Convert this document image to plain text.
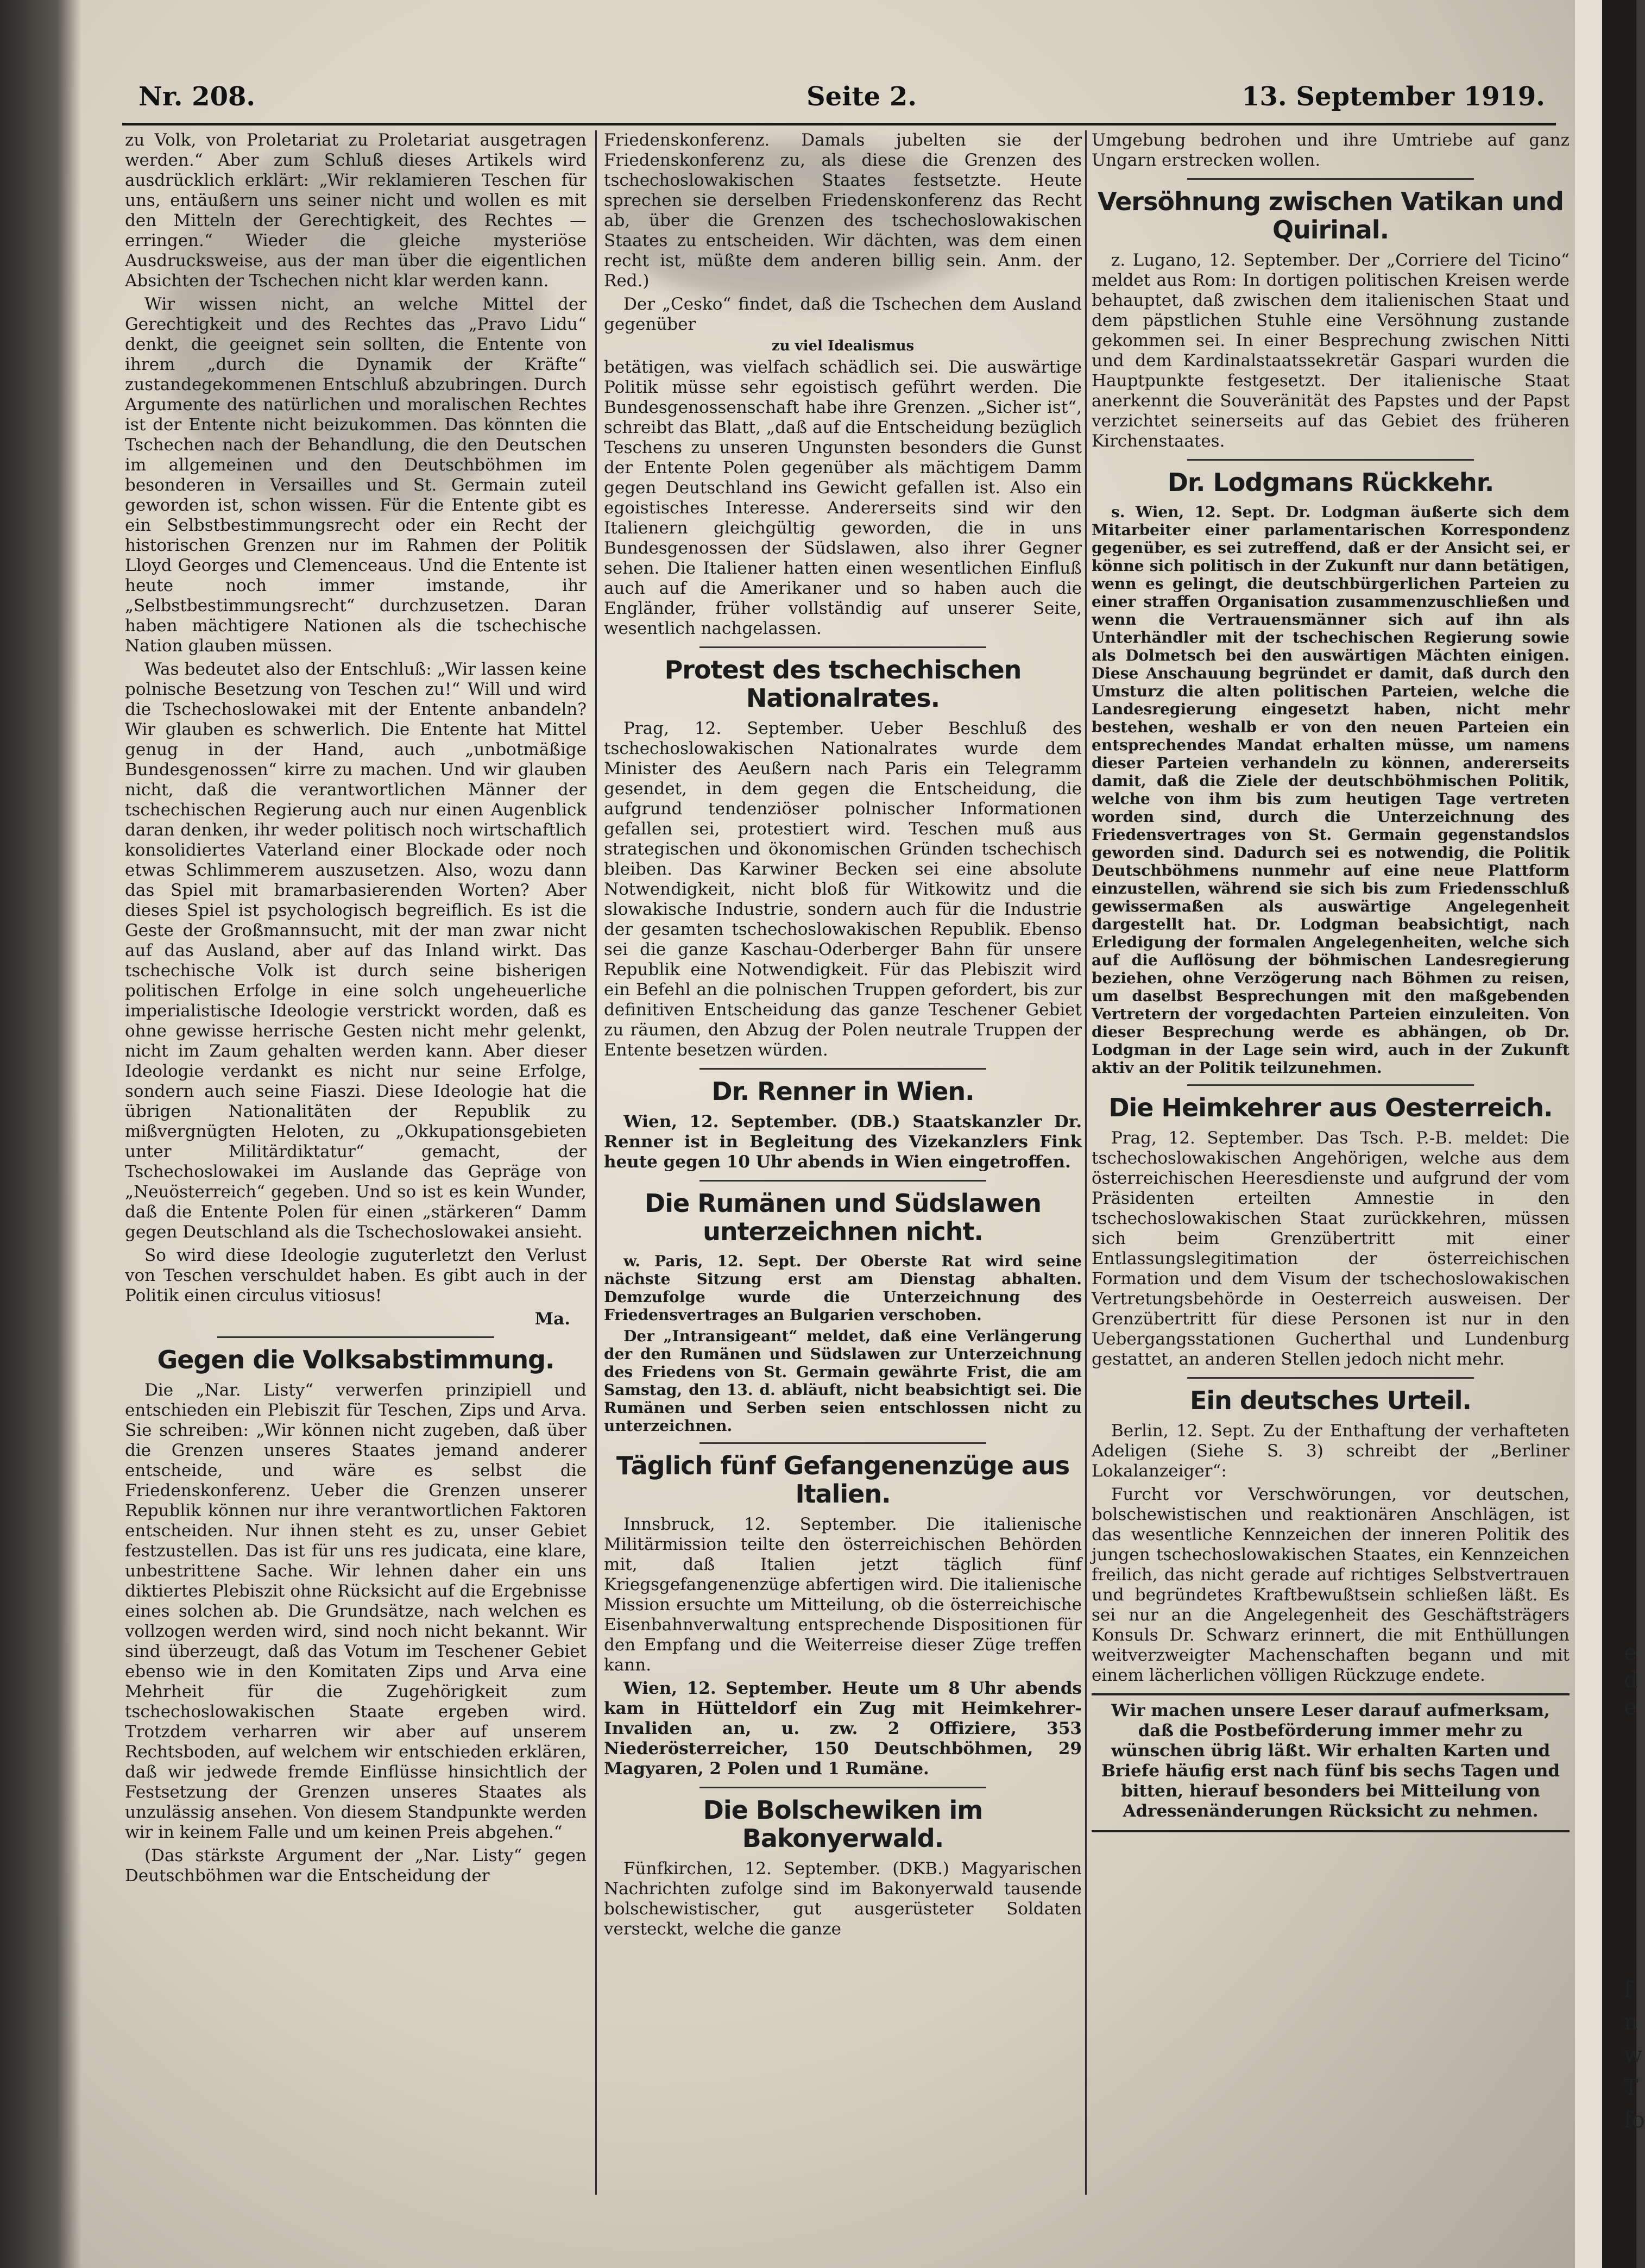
e
d
e
f
n
w
T
fo
Nr. 208.	Seite 2.	13. September 1919.

zu Volk, von Proletariat zu Proletariat ausgetragen werden.“ Aber zum Schluß dieses Artikels wird ausdrücklich erklärt: „Wir reklamieren Teschen für uns, entäußern uns seiner nicht und wollen es mit den Mitteln der Gerechtigkeit, des Rechtes — erringen.“ Wieder die gleiche mysteriöse Ausdrucksweise, aus der man über die eigentlichen Absichten der Tschechen nicht klar werden kann.

Wir wissen nicht, an welche Mittel der Gerechtigkeit und des Rechtes das „Pravo Lidu“ denkt, die geeignet sein sollten, die Entente von ihrem „durch die Dynamik der Kräfte“ zustandegekommenen Entschluß abzubringen. Durch Argumente des natürlichen und moralischen Rechtes ist der Entente nicht beizukommen. Das könnten die Tschechen nach der Behandlung, die den Deutschen im allgemeinen und den Deutschböhmen im besonderen in Versailles und St. Germain zuteil geworden ist, schon wissen. Für die Entente gibt es ein Selbstbestimmungsrecht oder ein Recht der historischen Grenzen nur im Rahmen der Politik Lloyd Georges und Clemenceaus. Und die Entente ist heute noch immer imstande, ihr „Selbstbestimmungsrecht“ durchzusetzen. Daran haben mächtigere Nationen als die tschechische Nation glauben müssen.

Was bedeutet also der Entschluß: „Wir lassen keine polnische Besetzung von Teschen zu!“ Will und wird die Tschechoslowakei mit der Entente anbandeln? Wir glauben es schwerlich. Die Entente hat Mittel genug in der Hand, auch „unbotmäßige Bundesgenossen“ kirre zu machen. Und wir glauben nicht, daß die verantwortlichen Männer der tschechischen Regierung auch nur einen Augenblick daran denken, ihr weder politisch noch wirtschaftlich konsolidiertes Vaterland einer Blockade oder noch etwas Schlimmerem auszusetzen. Also, wozu dann das Spiel mit bramarbasierenden Worten? Aber dieses Spiel ist psychologisch begreiflich. Es ist die Geste der Großmannsucht, mit der man zwar nicht auf das Ausland, aber auf das Inland wirkt. Das tschechische Volk ist durch seine bisherigen politischen Erfolge in eine solch ungeheuerliche imperialistische Ideologie verstrickt worden, daß es ohne gewisse herrische Gesten nicht mehr gelenkt, nicht im Zaum gehalten werden kann. Aber dieser Ideologie verdankt es nicht nur seine Erfolge, sondern auch seine Fiaszi. Diese Ideologie hat die übrigen Nationalitäten der Republik zu mißvergnügten Heloten, zu „Okkupationsgebieten unter Militärdiktatur“ gemacht, der Tschechoslowakei im Auslande das Gepräge von „Neuösterreich“ gegeben. Und so ist es kein Wunder, daß die Entente Polen für einen „stärkeren“ Damm gegen Deutschland als die Tschechoslowakei ansieht.

So wird diese Ideologie zuguterletzt den Verlust von Teschen verschuldet haben. Es gibt auch in der Politik einen circulus vitiosus!

Ma.
Gegen die Volksabstimmung.

Die „Nar. Listy“ verwerfen prinzipiell und entschieden ein Plebiszit für Teschen, Zips und Arva. Sie schreiben: „Wir können nicht zugeben, daß über die Grenzen unseres Staates jemand anderer entscheide, und wäre es selbst die Friedenskonferenz. Ueber die Grenzen unserer Republik können nur ihre verantwortlichen Faktoren entscheiden. Nur ihnen steht es zu, unser Gebiet festzustellen. Das ist für uns res judicata, eine klare, unbestrittene Sache. Wir lehnen daher ein uns diktiertes Plebiszit ohne Rücksicht auf die Ergebnisse eines solchen ab. Die Grundsätze, nach welchen es vollzogen werden wird, sind noch nicht bekannt. Wir sind überzeugt, daß das Votum im Teschener Gebiet ebenso wie in den Komitaten Zips und Arva eine Mehrheit für die Zugehörigkeit zum tschechoslowakischen Staate ergeben wird. Trotzdem verharren wir aber auf unserem Rechtsboden, auf welchem wir entschieden erklären, daß wir jedwede fremde Einflüsse hinsichtlich der Festsetzung der Grenzen unseres Staates als unzulässig ansehen. Von diesem Standpunkte werden wir in keinem Falle und um keinen Preis abgehen.“

(Das stärkste Argument der „Nar. Listy“ gegen Deutschböhmen war die Entscheidung der

Friedenskonferenz. Damals jubelten sie der Friedenskonferenz zu, als diese die Grenzen des tschechoslowakischen Staates festsetzte. Heute sprechen sie derselben Friedenskonferenz das Recht ab, über die Grenzen des tschechoslowakischen Staates zu entscheiden. Wir dächten, was dem einen recht ist, müßte dem anderen billig sein. Anm. der Red.)

Der „Cesko“ findet, daß die Tschechen dem Ausland gegenüber

zu viel Idealismus

betätigen, was vielfach schädlich sei. Die auswärtige Politik müsse sehr egoistisch geführt werden. Die Bundesgenossenschaft habe ihre Grenzen. „Sicher ist“, schreibt das Blatt, „daß auf die Entscheidung bezüglich Teschens zu unseren Ungunsten besonders die Gunst der Entente Polen gegenüber als mächtigem Damm gegen Deutschland ins Gewicht gefallen ist. Also ein egoistisches Interesse. Andererseits sind wir den Italienern gleichgültig geworden, die in uns Bundesgenossen der Südslawen, also ihrer Gegner sehen. Die Italiener hatten einen wesentlichen Einfluß auch auf die Amerikaner und so haben auch die Engländer, früher vollständig auf unserer Seite, wesentlich nachgelassen.

Protest des tschechischen Nationalrates.

Prag, 12. September. Ueber Beschluß des tschechoslowakischen Nationalrates wurde dem Minister des Aeußern nach Paris ein Telegramm gesendet, in dem gegen die Entscheidung, die aufgrund tendenziöser polnischer Informationen gefallen sei, protestiert wird. Teschen muß aus strategischen und ökonomischen Gründen tschechisch bleiben. Das Karwiner Becken sei eine absolute Notwendigkeit, nicht bloß für Witkowitz und die slowakische Industrie, sondern auch für die Industrie der gesamten tschechoslowakischen Republik. Ebenso sei die ganze Kaschau-Oderberger Bahn für unsere Republik eine Notwendigkeit. Für das Plebiszit wird ein Befehl an die polnischen Truppen gefordert, bis zur definitiven Entscheidung das ganze Teschener Gebiet zu räumen, den Abzug der Polen neutrale Truppen der Entente besetzen würden.

Dr. Renner in Wien.

Wien, 12. September. (DB.) Staatskanzler Dr. Renner ist in Begleitung des Vizekanzlers Fink heute gegen 10 Uhr abends in Wien eingetroffen.

Die Rumänen und Südslawen unterzeichnen nicht.

w. Paris, 12. Sept. Der Oberste Rat wird seine nächste Sitzung erst am Dienstag abhalten. Demzufolge wurde die Unterzeichnung des Friedensvertrages an Bulgarien verschoben.

Der „Intransigeant“ meldet, daß eine Verlängerung der den Rumänen und Südslawen zur Unterzeichnung des Friedens von St. Germain gewährte Frist, die am Samstag, den 13. d. abläuft, nicht beabsichtigt sei. Die Rumänen und Serben seien entschlossen nicht zu unterzeichnen.

Täglich fünf Gefangenenzüge aus Italien.

Innsbruck, 12. September. Die italienische Militärmission teilte den österreichischen Behörden mit, daß Italien jetzt täglich fünf Kriegsgefangenenzüge abfertigen wird. Die italienische Mission ersuchte um Mitteilung, ob die österreichische Eisenbahnverwaltung entsprechende Dispositionen für den Empfang und die Weiterreise dieser Züge treffen kann.

Wien, 12. September. Heute um 8 Uhr abends kam in Hütteldorf ein Zug mit Heimkehrer-Invaliden an, u. zw. 2 Offiziere, 353 Niederösterreicher, 150 Deutschböhmen, 29 Magyaren, 2 Polen und 1 Rumäne.

Die Bolschewiken im Bakonyerwald.

Fünfkirchen, 12. September. (DKB.) Magyarischen Nachrichten zufolge sind im Bakonyerwald tausende bolschewistischer, gut ausgerüsteter Soldaten versteckt, welche die ganze

Umgebung bedrohen und ihre Umtriebe auf ganz Ungarn erstrecken wollen.

Versöhnung zwischen Vatikan und Quirinal.

z. Lugano, 12. September. Der „Corriere del Ticino“ meldet aus Rom: In dortigen politischen Kreisen werde behauptet, daß zwischen dem italienischen Staat und dem päpstlichen Stuhle eine Versöhnung zustande gekommen sei. In einer Besprechung zwischen Nitti und dem Kardinalstaatssekretär Gaspari wurden die Hauptpunkte festgesetzt. Der italienische Staat anerkennt die Souveränität des Papstes und der Papst verzichtet seinerseits auf das Gebiet des früheren Kirchenstaates.

Dr. Lodgmans Rückkehr.

s. Wien, 12. Sept. Dr. Lodgman äußerte sich dem Mitarbeiter einer parlamentarischen Korrespondenz gegenüber, es sei zutreffend, daß er der Ansicht sei, er könne sich politisch in der Zukunft nur dann betätigen, wenn es gelingt, die deutschbürgerlichen Parteien zu einer straffen Organisation zusammenzuschließen und wenn die Vertrauensmänner sich auf ihn als Unterhändler mit der tschechischen Regierung sowie als Dolmetsch bei den auswärtigen Mächten einigen. Diese Anschauung begründet er damit, daß durch den Umsturz die alten politischen Parteien, welche die Landesregierung eingesetzt haben, nicht mehr bestehen, weshalb er von den neuen Parteien ein entsprechendes Mandat erhalten müsse, um namens dieser Parteien verhandeln zu können, andererseits damit, daß die Ziele der deutschböhmischen Politik, welche von ihm bis zum heutigen Tage vertreten worden sind, durch die Unterzeichnung des Friedensvertrages von St. Germain gegenstandslos geworden sind. Dadurch sei es notwendig, die Politik Deutschböhmens nunmehr auf eine neue Plattform einzustellen, während sie sich bis zum Friedensschluß gewissermaßen als auswärtige Angelegenheit dargestellt hat. Dr. Lodgman beabsichtigt, nach Erledigung der formalen Angelegenheiten, welche sich auf die Auflösung der böhmischen Landesregierung beziehen, ohne Verzögerung nach Böhmen zu reisen, um daselbst Besprechungen mit den maßgebenden Vertretern der vorgedachten Parteien einzuleiten. Von dieser Besprechung werde es abhängen, ob Dr. Lodgman in der Lage sein wird, auch in der Zukunft aktiv an der Politik teilzunehmen.

Die Heimkehrer aus Oesterreich.

Prag, 12. September. Das Tsch. P.-B. meldet: Die tschechoslowakischen Angehörigen, welche aus dem österreichischen Heeresdienste und aufgrund der vom Präsidenten erteilten Amnestie in den tschechoslowakischen Staat zurückkehren, müssen sich beim Grenzübertritt mit einer Entlassungslegitimation der österreichischen Formation und dem Visum der tschechoslowakischen Vertretungsbehörde in Oesterreich ausweisen. Der Grenzübertritt für diese Personen ist nur in den Uebergangsstationen Gucherthal und Lundenburg gestattet, an anderen Stellen jedoch nicht mehr.

Ein deutsches Urteil.

Berlin, 12. Sept. Zu der Enthaftung der verhafteten Adeligen (Siehe S. 3) schreibt der „Berliner Lokalanzeiger“:

Furcht vor Verschwörungen, vor deutschen, bolschewistischen und reaktionären Anschlägen, ist das wesentliche Kennzeichen der inneren Politik des jungen tschechoslowakischen Staates, ein Kennzeichen freilich, das nicht gerade auf richtiges Selbstvertrauen und begründetes Kraftbewußtsein schließen läßt. Es sei nur an die Angelegenheit des Geschäftsträgers Konsuls Dr. Schwarz erinnert, die mit Enthüllungen weitverzweigter Machenschaften begann und mit einem lächerlichen völligen Rückzuge endete.

Wir machen unsere Leser darauf aufmerksam, daß die Postbeförderung immer mehr zu wünschen übrig läßt. Wir erhalten Karten und Briefe häufig erst nach fünf bis sechs Tagen und bitten, hierauf besonders bei Mitteilung von Adressenänderungen Rücksicht zu nehmen.
